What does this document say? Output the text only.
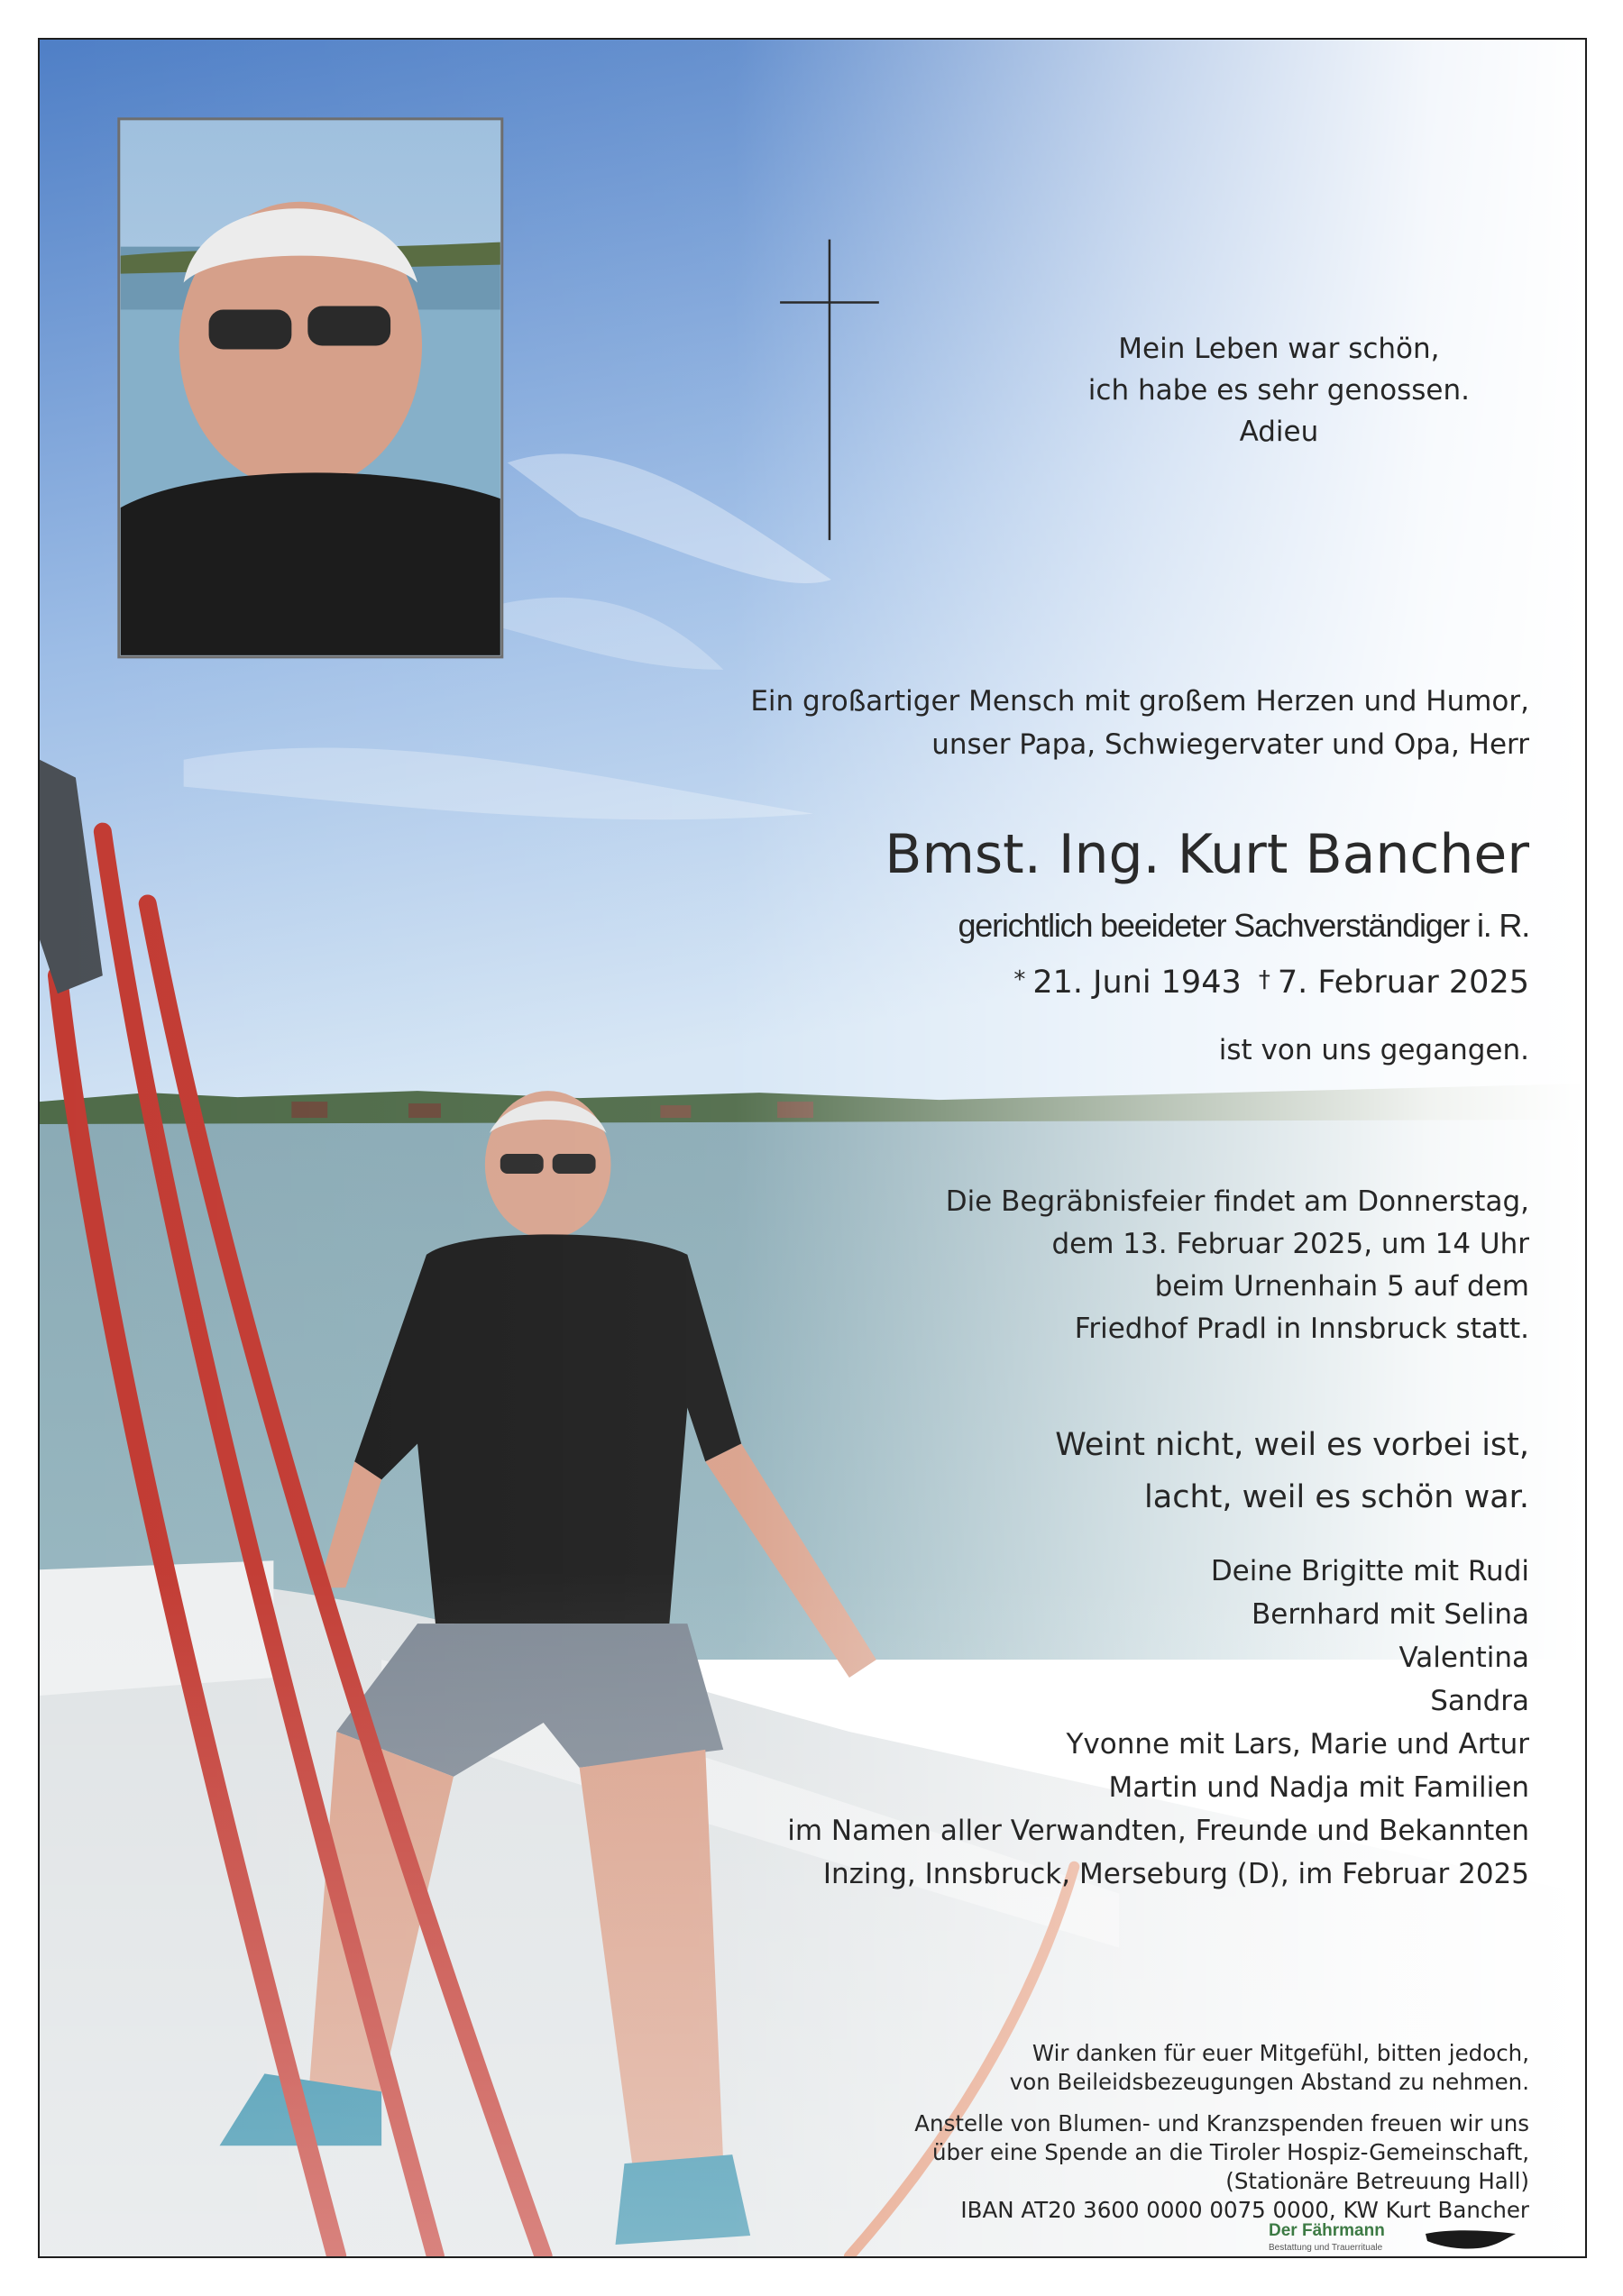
Mein Leben war schön,
ich habe es sehr genossen.
Adieu
Ein großartiger Mensch mit großem Herzen und Humor,
unser Papa, Schwiegervater und Opa, Herr
Bmst. Ing. Kurt Bancher
gerichtlich beeideter Sachverständiger i. R.
* 21. Juni 1943 † 7. Februar 2025
ist von uns gegangen.
Die Begräbnisfeier findet am Donnerstag,
dem 13. Februar 2025, um 14 Uhr
beim Urnenhain 5 auf dem
Friedhof Pradl in Innsbruck statt.
Weint nicht, weil es vorbei ist,
lacht, weil es schön war.
Deine Brigitte mit Rudi
Bernhard mit Selina
Valentina
Sandra
Yvonne mit Lars, Marie und Artur
Martin und Nadja mit Familien
im Namen aller Verwandten, Freunde und Bekannten
Inzing, Innsbruck, Merseburg (D), im Februar 2025
Wir danken für euer Mitgefühl, bitten jedoch,
von Beileidsbezeugungen Abstand zu nehmen.
Anstelle von Blumen- und Kranzspenden freuen wir uns
über eine Spende an die Tiroler Hospiz-Gemeinschaft,
(Stationäre Betreuung Hall)
IBAN AT20 3600 0000 0075 0000, KW Kurt Bancher
Der Fährmann
Bestattung und Trauerrituale
